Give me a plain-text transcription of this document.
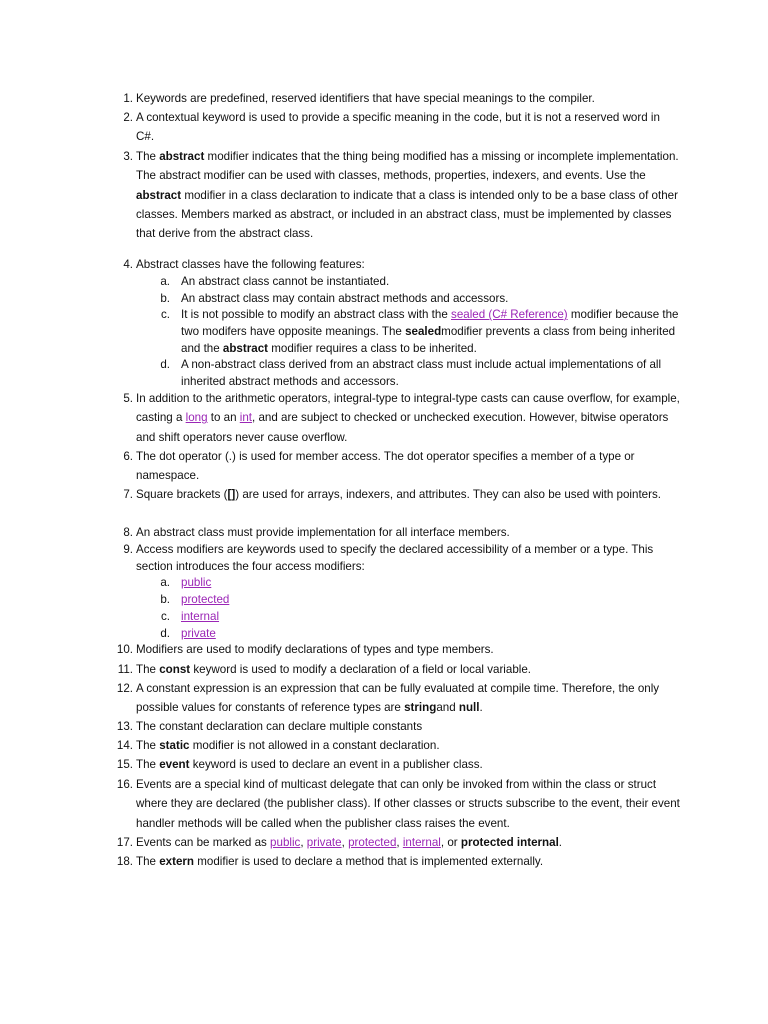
1. Keywords are predefined, reserved identifiers that have special meanings to the compiler.
2. A contextual keyword is used to provide a specific meaning in the code, but it is not a reserved word in C#.
3. The abstract modifier indicates that the thing being modified has a missing or incomplete implementation. The abstract modifier can be used with classes, methods, properties, indexers, and events. Use the abstract modifier in a class declaration to indicate that a class is intended only to be a base class of other classes. Members marked as abstract, or included in an abstract class, must be implemented by classes that derive from the abstract class.
4. Abstract classes have the following features:
a. An abstract class cannot be instantiated.
b. An abstract class may contain abstract methods and accessors.
c. It is not possible to modify an abstract class with the sealed (C# Reference) modifier because the two modifers have opposite meanings. The sealedmodifier prevents a class from being inherited and the abstract modifier requires a class to be inherited.
d. A non-abstract class derived from an abstract class must include actual implementations of all inherited abstract methods and accessors.
5. In addition to the arithmetic operators, integral-type to integral-type casts can cause overflow, for example, casting a long to an int, and are subject to checked or unchecked execution. However, bitwise operators and shift operators never cause overflow.
6. The dot operator (.) is used for member access. The dot operator specifies a member of a type or namespace.
7. Square brackets ([]) are used for arrays, indexers, and attributes. They can also be used with pointers.
8. An abstract class must provide implementation for all interface members.
9. Access modifiers are keywords used to specify the declared accessibility of a member or a type. This section introduces the four access modifiers:
a. public
b. protected
c. internal
d. private
10. Modifiers are used to modify declarations of types and type members.
11. The const keyword is used to modify a declaration of a field or local variable.
12. A constant expression is an expression that can be fully evaluated at compile time. Therefore, the only possible values for constants of reference types are stringand null.
13. The constant declaration can declare multiple constants
14. The static modifier is not allowed in a constant declaration.
15. The event keyword is used to declare an event in a publisher class.
16. Events are a special kind of multicast delegate that can only be invoked from within the class or struct where they are declared (the publisher class). If other classes or structs subscribe to the event, their event handler methods will be called when the publisher class raises the event.
17. Events can be marked as public, private, protected, internal, or protected internal.
18. The extern modifier is used to declare a method that is implemented externally.
